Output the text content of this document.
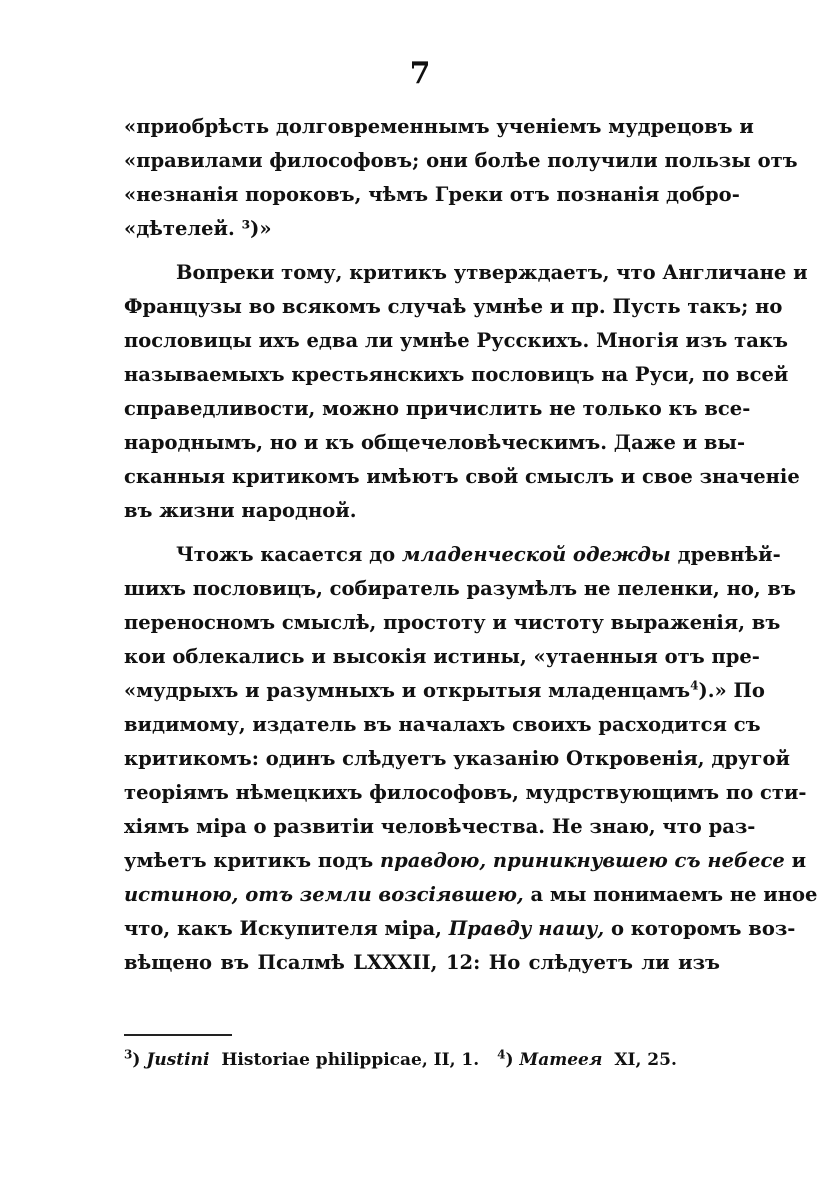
7
«приобрѣсть долговременнымъ ученіемъ мудрецовъ и
«правилами философовъ; они болѣе получили пользы отъ
«незнанія пороковъ, чѣмъ Греки отъ познанія добро-
«дѣтелей. ³)»
Вопреки тому, критикъ утверждаетъ, что Англичане и
Французы во всякомъ случаѣ умнѣе и пр. Пусть такъ; но
пословицы ихъ едва ли умнѣе Русскихъ. Многія изъ такъ
называемыхъ крестьянскихъ пословицъ на Руси, по всей
справедливости, можно причислить не только къ все-
народнымъ, но и къ общечеловѣческимъ. Даже и вы-
сканныя критикомъ имѣютъ свой смыслъ и свое значеніе
въ жизни народной.
Чтожъ касается до младенческой одежды древнѣй-
шихъ пословицъ, собиратель разумѣлъ не пеленки, но, въ
переносномъ смыслѣ, простоту и чистоту выраженія, въ
кои облекались и высокія истины, «утаенныя отъ пре-
«мудрыхъ и разумныхъ и открытыя младенцамъ$^4$).» По
видимому, издатель въ началахъ своихъ расходится съ
критикомъ: одинъ слѣдуетъ указанію Откровенія, другой
теоріямъ нѣмецкихъ философовъ, мудрствующимъ по сти-
хіямъ міра о развитіи человѣчества. Не знаю, что раз-
умѣетъ критикъ подъ правдою, приникнувшею съ небесе и
истиною, отъ земли возсіявшею, а мы понимаемъ не иное
что, какъ Искупителя міра, Правду нашу, о которомъ воз-
вѣщено въ Псалмѣ LXXXII, 12: Но слѣдуетъ ли изъ
$^3$) Justini Historiae philippicae, II, 1. $^4$) Матеея XI, 25.
